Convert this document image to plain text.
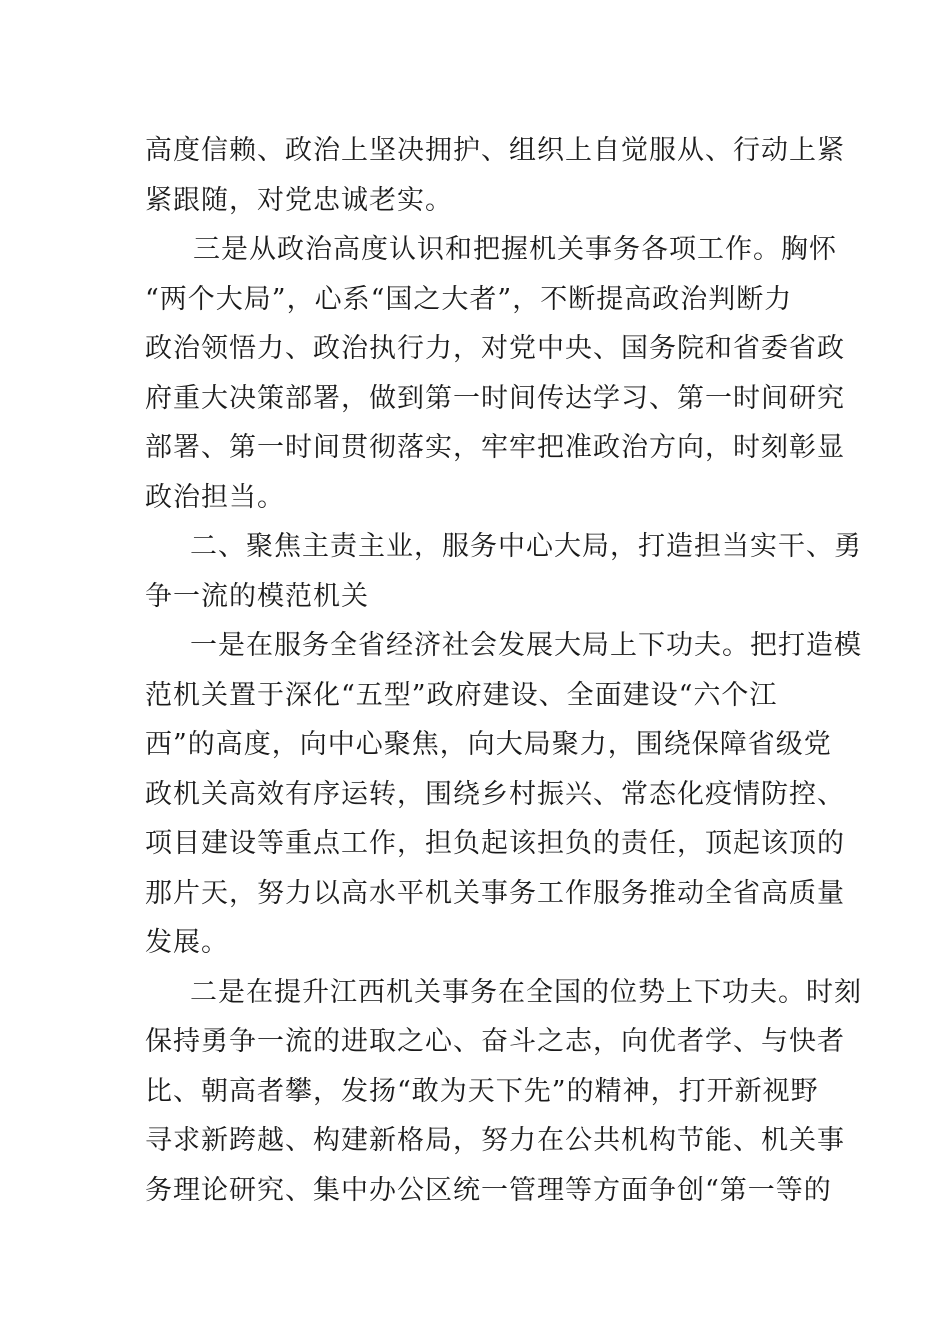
高度信赖、政治上坚决拥护、组织上自觉服从、行动上紧
紧跟随，对党忠诚老实。
三是从政治高度认识和把握机关事务各项工作。胸怀
“两个大局”，心系“国之大者”，不断提高政治判断力
政治领悟力、政治执行力，对党中央、国务院和省委省政
府重大决策部署，做到第一时间传达学习、第一时间研究
部署、第一时间贯彻落实，牢牢把准政治方向，时刻彰显
政治担当。
二、聚焦主责主业，服务中心大局，打造担当实干、勇
争一流的模范机关
一是在服务全省经济社会发展大局上下功夫。把打造模
范机关置于深化“五型”政府建设、全面建设“六个江
西”的高度，向中心聚焦，向大局聚力，围绕保障省级党
政机关高效有序运转，围绕乡村振兴、常态化疫情防控、
项目建设等重点工作，担负起该担负的责任，顶起该顶的
那片天，努力以高水平机关事务工作服务推动全省高质量
发展。
二是在提升江西机关事务在全国的位势上下功夫。时刻
保持勇争一流的进取之心、奋斗之志，向优者学、与快者
比、朝高者攀，发扬“敢为天下先”的精神，打开新视野
寻求新跨越、构建新格局，努力在公共机构节能、机关事
务理论研究、集中办公区统一管理等方面争创“第一等的
